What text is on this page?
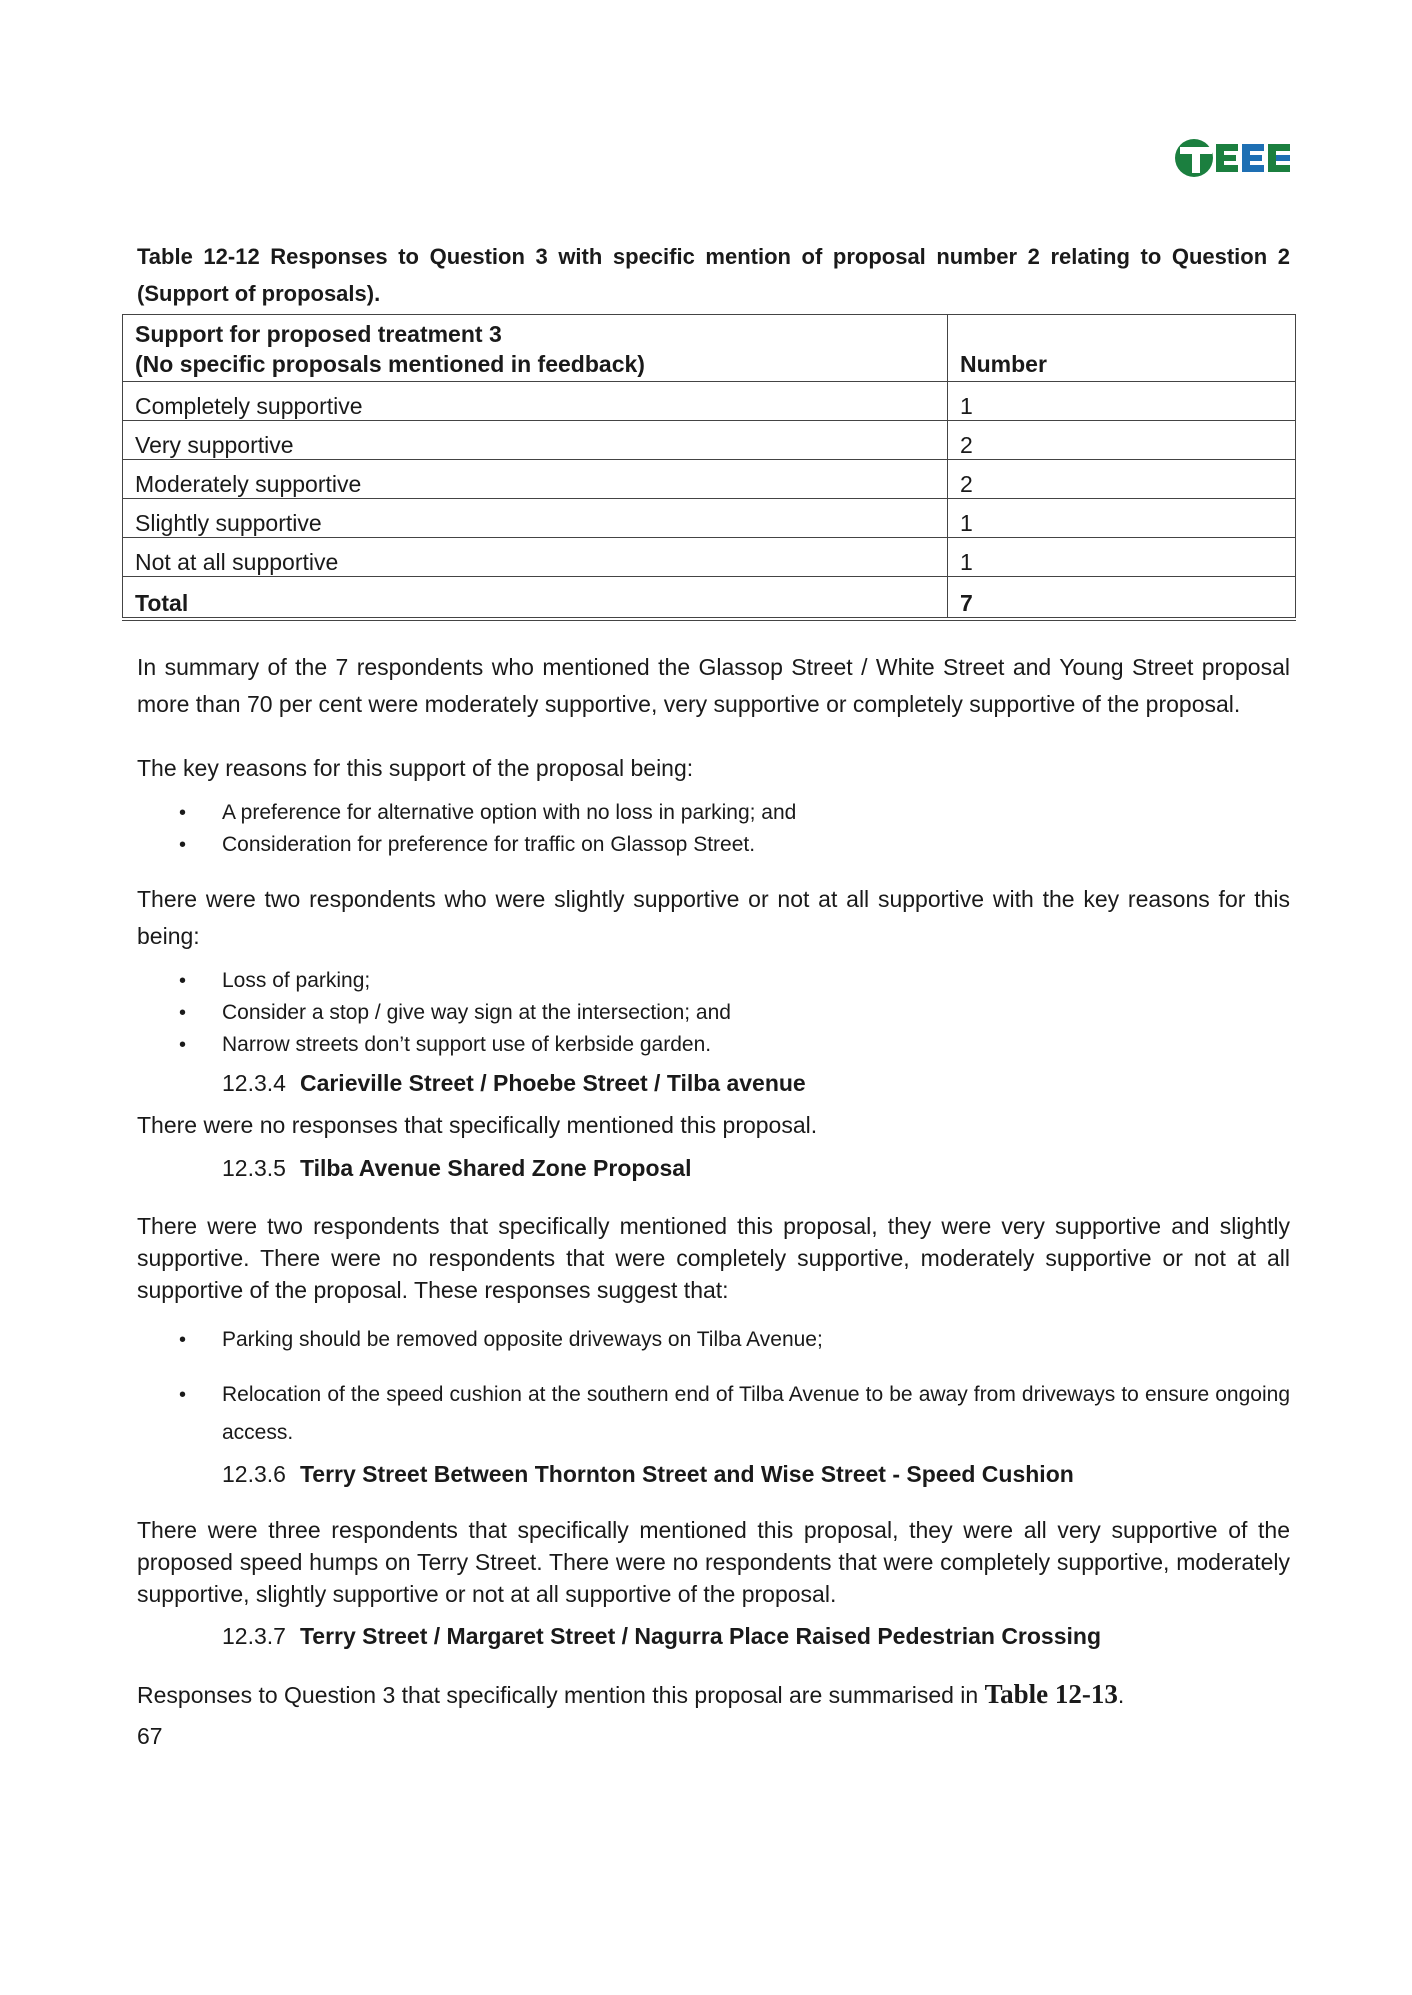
Table 12-12 Responses to Question 3 with specific mention of proposal number 2 relating to Question 2 (Support of proposals).

Support for proposed treatment 3
(No specific proposals mentioned in feedback)	Number
Completely supportive	1
Very supportive	2
Moderately supportive	2
Slightly supportive	1
Not at all supportive	1
Total	7

In summary of the 7 respondents who mentioned the Glassop Street / White Street and Young Street proposal more than 70 per cent were moderately supportive, very supportive or completely supportive of the proposal.

The key reasons for this support of the proposal being:

• A preference for alternative option with no loss in parking; and
• Consideration for preference for traffic on Glassop Street.

There were two respondents who were slightly supportive or not at all supportive with the key reasons for this being:

• Loss of parking;
• Consider a stop / give way sign at the intersection; and
• Narrow streets don’t support use of kerbside garden.

12.3.4 Carieville Street / Phoebe Street / Tilba avenue

There were no responses that specifically mentioned this proposal.

12.3.5 Tilba Avenue Shared Zone Proposal

There were two respondents that specifically mentioned this proposal, they were very supportive and slightly supportive. There were no respondents that were completely supportive, moderately supportive or not at all supportive of the proposal. These responses suggest that:

• Parking should be removed opposite driveways on Tilba Avenue;
• Relocation of the speed cushion at the southern end of Tilba Avenue to be away from driveways to ensure ongoing access.

12.3.6 Terry Street Between Thornton Street and Wise Street - Speed Cushion

There were three respondents that specifically mentioned this proposal, they were all very supportive of the proposed speed humps on Terry Street. There were no respondents that were completely supportive, moderately supportive, slightly supportive or not at all supportive of the proposal.

12.3.7 Terry Street / Margaret Street / Nagurra Place Raised Pedestrian Crossing

Responses to Question 3 that specifically mention this proposal are summarised in Table 12-13.

67
